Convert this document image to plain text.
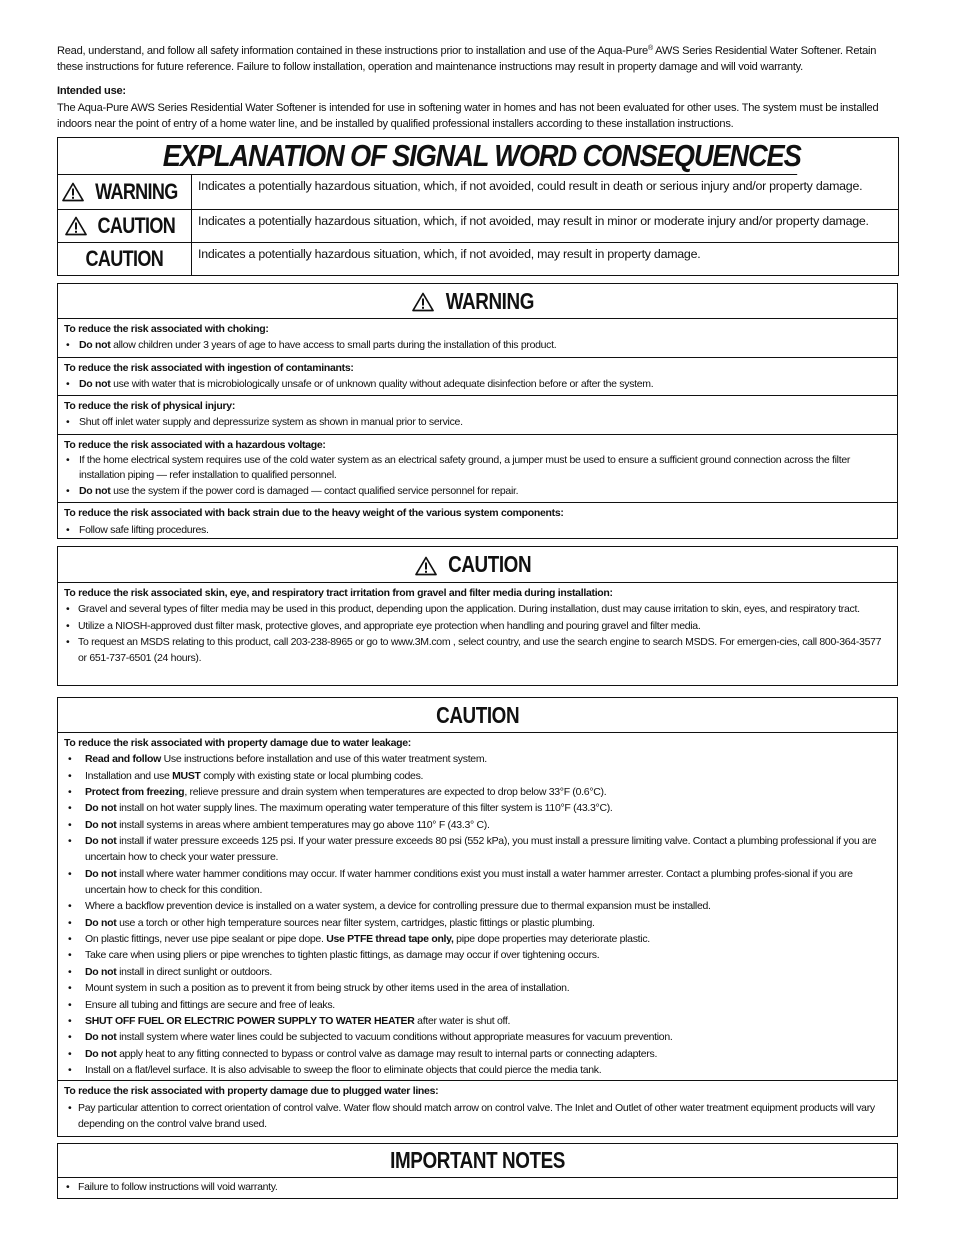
Read, understand, and follow all safety information contained in these instructions prior to installation and use of the Aqua-Pure® AWS Series Residential Water Softener. Retain these instructions for future reference. Failure to follow installation, operation and maintenance instructions may result in property damage and will void warranty.

Intended use:

The Aqua-Pure AWS Series Residential Water Softener is intended for use in softening water in homes and has not been evaluated for other uses. The system must be installed indoors near the point of entry of a home water line, and be installed by qualified professional installers according to these installation instructions.

EXPLANATION OF SIGNAL WORD CONSEQUENCES
WARNING	Indicates a potentially hazardous situation, which, if not avoided, could result in death or serious injury and/or property damage.
CAUTION	Indicates a potentially hazardous situation, which, if not avoided, may result in minor or moderate injury and/or property damage.
CAUTION	Indicates a potentially hazardous situation, which, if not avoided, may result in property damage.
WARNING
To reduce the risk associated with choking:
• Do not allow children under 3 years of age to have access to small parts during the installation of this product.
To reduce the risk associated with ingestion of contaminants:
• Do not use with water that is microbiologically unsafe or of unknown quality without adequate disinfection before or after the system.
To reduce the risk of physical injury:
• Shut off inlet water supply and depressurize system as shown in manual prior to service.
To reduce the risk associated with a hazardous voltage:
• If the home electrical system requires use of the cold water system as an electrical safety ground, a jumper must be used to ensure a sufficient ground connection across the filter installation piping — refer installation to qualified personnel.
• Do not use the system if the power cord is damaged — contact qualified service personnel for repair.
To reduce the risk associated with back strain due to the heavy weight of the various system components:
• Follow safe lifting procedures.
CAUTION
To reduce the risk associated skin, eye, and respiratory tract irritation from gravel and filter media during installation:
• Gravel and several types of filter media may be used in this product, depending upon the application. During installation, dust may cause irritation to skin, eyes, and respiratory tract.
• Utilize a NIOSH-approved dust filter mask, protective gloves, and appropriate eye protection when handling and pouring gravel and filter media.
• To request an MSDS relating to this product, call 203-238-8965 or go to www.3M.com , select country, and use the search engine to search MSDS. For emergen-cies, call 800-364-3577 or 651-737-6501 (24 hours).
CAUTION
To reduce the risk associated with property damage due to water leakage:
• Read and follow Use instructions before installation and use of this water treatment system.
• Installation and use MUST comply with existing state or local plumbing codes.
• Protect from freezing, relieve pressure and drain system when temperatures are expected to drop below 33°F (0.6°C).
• Do not install on hot water supply lines. The maximum operating water temperature of this filter system is 110°F (43.3°C).
• Do not install systems in areas where ambient temperatures may go above 110° F (43.3° C).
• Do not install if water pressure exceeds 125 psi. If your water pressure exceeds 80 psi (552 kPa), you must install a pressure limiting valve. Contact a plumbing professional if you are uncertain how to check your water pressure.
• Do not install where water hammer conditions may occur. If water hammer conditions exist you must install a water hammer arrester. Contact a plumbing profes-sional if you are uncertain how to check for this condition.
• Where a backflow prevention device is installed on a water system, a device for controlling pressure due to thermal expansion must be installed.
• Do not use a torch or other high temperature sources near filter system, cartridges, plastic fittings or plastic plumbing.
• On plastic fittings, never use pipe sealant or pipe dope. Use PTFE thread tape only, pipe dope properties may deteriorate plastic.
• Take care when using pliers or pipe wrenches to tighten plastic fittings, as damage may occur if over tightening occurs.
• Do not install in direct sunlight or outdoors.
• Mount system in such a position as to prevent it from being struck by other items used in the area of installation.
• Ensure all tubing and fittings are secure and free of leaks.
• SHUT OFF FUEL OR ELECTRIC POWER SUPPLY TO WATER HEATER after water is shut off.
• Do not install system where water lines could be subjected to vacuum conditions without appropriate measures for vacuum prevention.
• Do not apply heat to any fitting connected to bypass or control valve as damage may result to internal parts or connecting adapters.
• Install on a flat/level surface. It is also advisable to sweep the floor to eliminate objects that could pierce the media tank.
To reduce the risk associated with property damage due to plugged water lines:
• Pay particular attention to correct orientation of control valve. Water flow should match arrow on control valve. The Inlet and Outlet of other water treatment equipment products will vary depending on the control valve brand used.
IMPORTANT NOTES
• Failure to follow instructions will void warranty.
